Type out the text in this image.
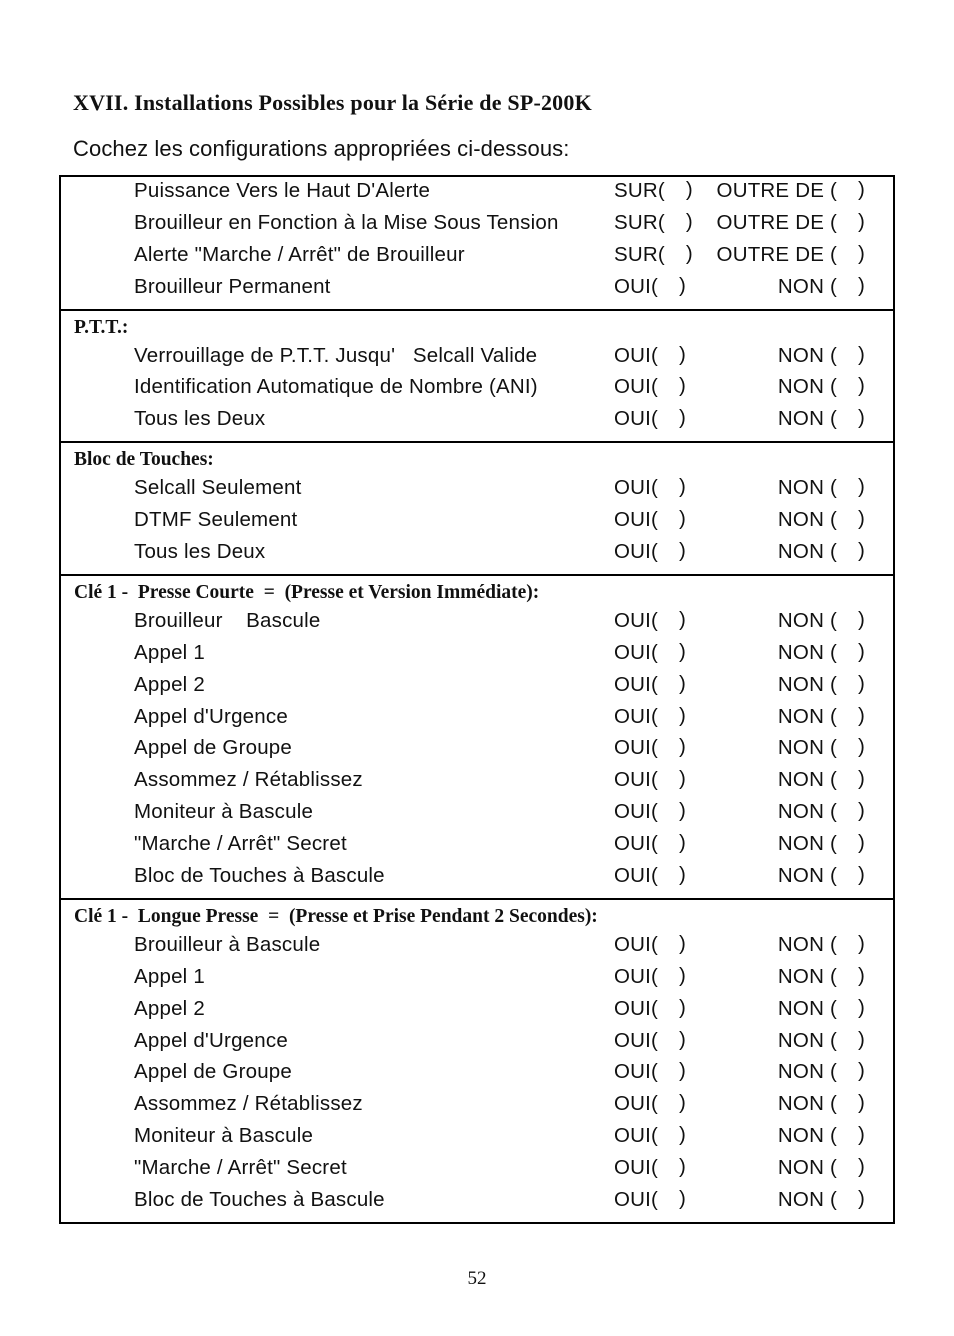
XVII. Installations Possibles pour la Série de SP-200K
Cochez les configurations appropriées ci-dessous:
Puissance Vers le Haut D'Alerte	SUR( )	OUTRE DE ()
Brouilleur en Fonction à la Mise Sous Tension	SUR( )	OUTRE DE ()
Alerte "Marche / Arrêt" de Brouilleur	SUR( )	OUTRE DE ()
Brouilleur Permanent	OUI( )	NON ()
P.T.T.:
Verrouillage de P.T.T. Jusqu'   Selcall Valide	OUI( )	NON ()
Identification Automatique de Nombre (ANI)	OUI( )	NON ()
Tous les Deux	OUI( )	NON ()
Bloc de Touches:
Selcall Seulement	OUI( )	NON ()
DTMF Seulement	OUI( )	NON ()
Tous les Deux	OUI( )	NON ()
Clé 1 -  Presse Courte  =  (Presse et Version Immédiate):
Brouilleur    Bascule	OUI( )	NON ()
Appel 1	OUI( )	NON ()
Appel 2	OUI( )	NON ()
Appel d'Urgence	OUI( )	NON ()
Appel de Groupe	OUI( )	NON ()
Assommez / Rétablissez	OUI( )	NON ()
Moniteur à Bascule	OUI( )	NON ()
"Marche / Arrêt" Secret	OUI( )	NON ()
Bloc de Touches à Bascule	OUI( )	NON ()
Clé 1 -  Longue Presse  =  (Presse et Prise Pendant 2 Secondes):
Brouilleur à Bascule	OUI( )	NON ()
Appel 1	OUI( )	NON ()
Appel 2	OUI( )	NON ()
Appel d'Urgence	OUI( )	NON ()
Appel de Groupe	OUI( )	NON ()
Assommez / Rétablissez	OUI( )	NON ()
Moniteur à Bascule	OUI( )	NON ()
"Marche / Arrêt" Secret	OUI( )	NON ()
Bloc de Touches à Bascule	OUI( )	NON ()
52
